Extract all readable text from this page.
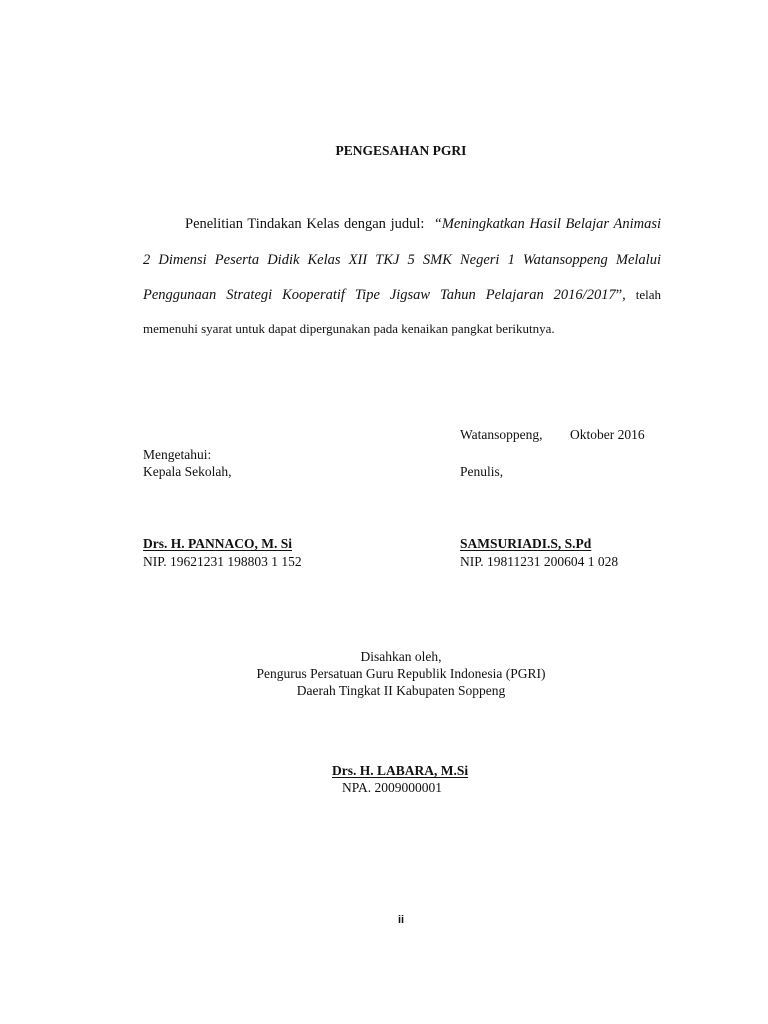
PENGESAHAN PGRI
Penelitian Tindakan Kelas dengan judul: “Meningkatkan Hasil Belajar Animasi
2 Dimensi Peserta Didik Kelas XII TKJ 5 SMK Negeri 1 Watansoppeng Melalui
Penggunaan Strategi Kooperatif Tipe Jigsaw Tahun Pelajaran 2016/2017”, telah
memenuhi syarat untuk dapat dipergunakan pada kenaikan pangkat berikutnya.
Watansoppeng, Oktober 2016
Mengetahui:
Kepala Sekolah,	Penulis,
Drs. H. PANNACO, M. Si
NIP. 19621231 198803 1 152
SAMSURIADI.S, S.Pd
NIP. 19811231 200604 1 028
Disahkan oleh,
Pengurus Persatuan Guru Republik Indonesia (PGRI)
Daerah Tingkat II Kabupaten Soppeng
Drs. H. LABARA, M.Si
NPA. 2009000001
ii
